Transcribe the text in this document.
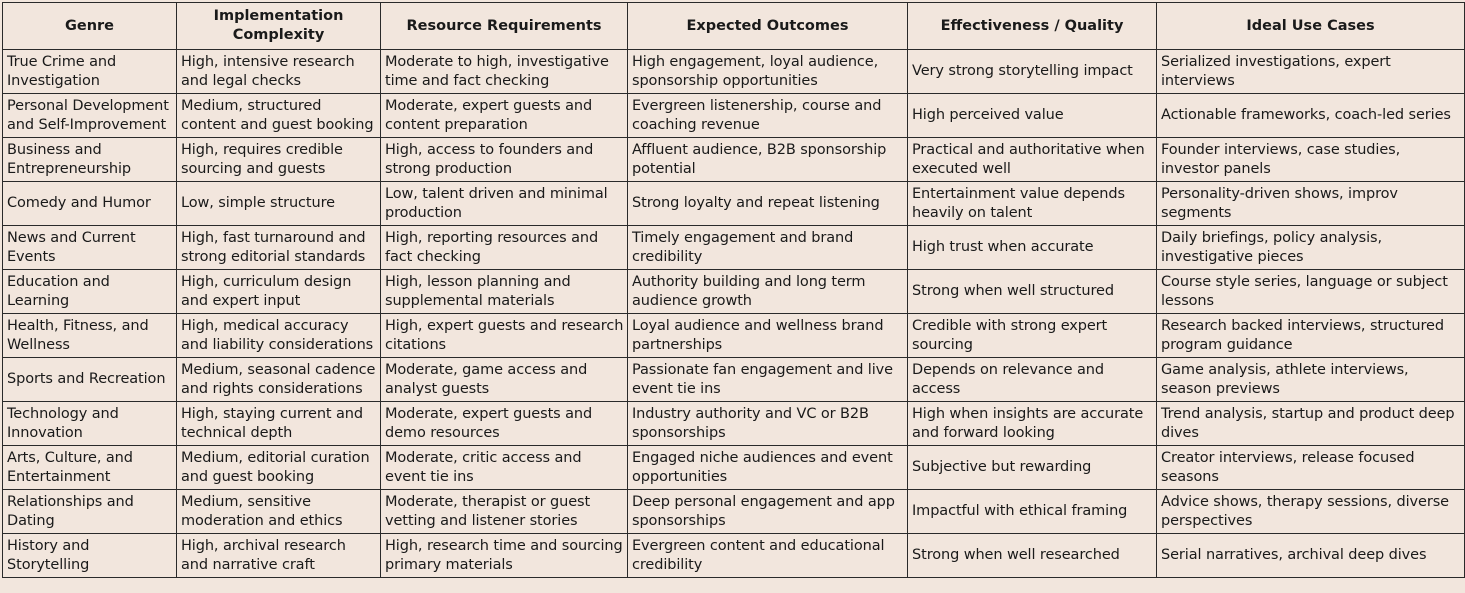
Genre	Implementation Complexity	Resource Requirements	Expected Outcomes	Effectiveness / Quality	Ideal Use Cases
True Crime and Investigation	High, intensive research and legal checks	Moderate to high, investigative time and fact checking	High engagement, loyal audience, sponsorship opportunities	Very strong storytelling impact	Serialized investigations, expert interviews
Personal Development and Self-Improvement	Medium, structured content and guest booking	Moderate, expert guests and content preparation	Evergreen listenership, course and coaching revenue	High perceived value	Actionable frameworks, coach-led series
Business and Entrepreneurship	High, requires credible sourcing and guests	High, access to founders and strong production	Affluent audience, B2B sponsorship potential	Practical and authoritative when executed well	Founder interviews, case studies, investor panels
Comedy and Humor	Low, simple structure	Low, talent driven and minimal production	Strong loyalty and repeat listening	Entertainment value depends heavily on talent	Personality-driven shows, improv segments
News and Current Events	High, fast turnaround and strong editorial standards	High, reporting resources and fact checking	Timely engagement and brand credibility	High trust when accurate	Daily briefings, policy analysis, investigative pieces
Education and Learning	High, curriculum design and expert input	High, lesson planning and supplemental materials	Authority building and long term audience growth	Strong when well structured	Course style series, language or subject lessons
Health, Fitness, and Wellness	High, medical accuracy and liability considerations	High, expert guests and research citations	Loyal audience and wellness brand partnerships	Credible with strong expert sourcing	Research backed interviews, structured program guidance
Sports and Recreation	Medium, seasonal cadence and rights considerations	Moderate, game access and analyst guests	Passionate fan engagement and live event tie ins	Depends on relevance and access	Game analysis, athlete interviews, season previews
Technology and Innovation	High, staying current and technical depth	Moderate, expert guests and demo resources	Industry authority and VC or B2B sponsorships	High when insights are accurate and forward looking	Trend analysis, startup and product deep dives
Arts, Culture, and Entertainment	Medium, editorial curation and guest booking	Moderate, critic access and event tie ins	Engaged niche audiences and event opportunities	Subjective but rewarding	Creator interviews, release focused seasons
Relationships and Dating	Medium, sensitive moderation and ethics	Moderate, therapist or guest vetting and listener stories	Deep personal engagement and app sponsorships	Impactful with ethical framing	Advice shows, therapy sessions, diverse perspectives
History and Storytelling	High, archival research and narrative craft	High, research time and sourcing primary materials	Evergreen content and educational credibility	Strong when well researched	Serial narratives, archival deep dives
